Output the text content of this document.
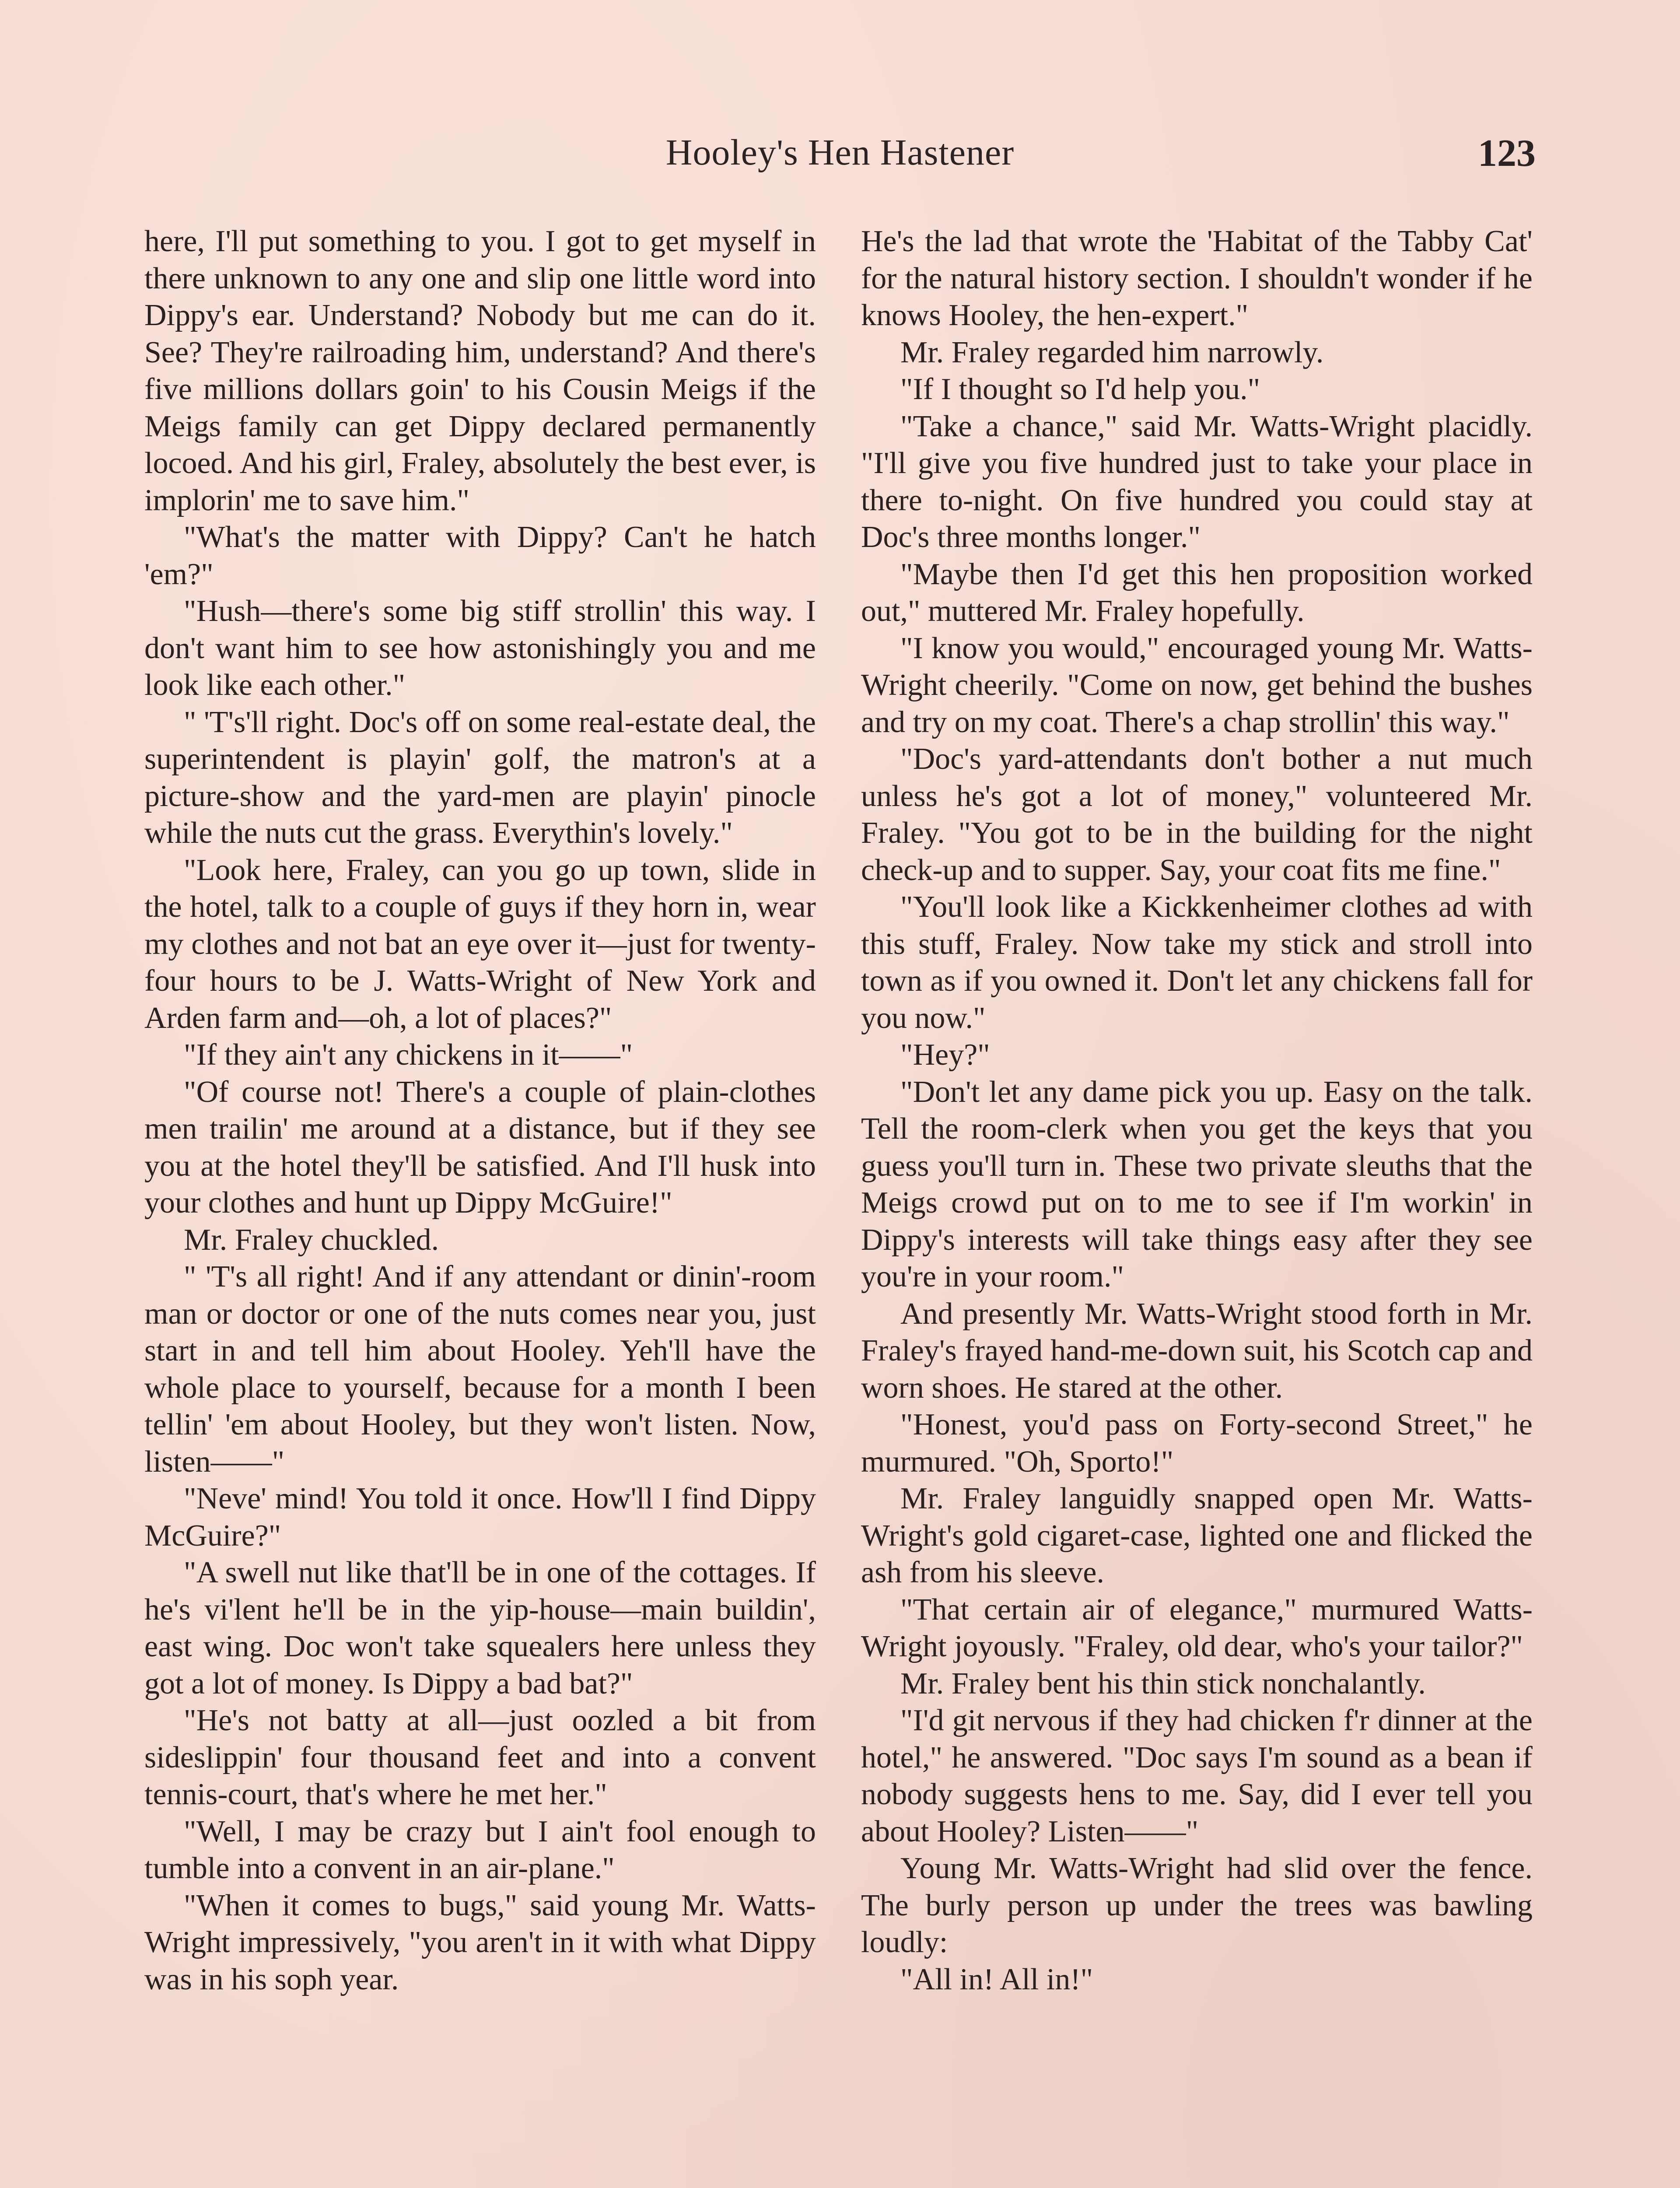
Hooley's Hen Hastener	123

here, I'll put something to you. I got to get myself in there unknown to any one and slip one little word into Dippy's ear. Understand? Nobody but me can do it. See? They're railroading him, understand? And there's five millions dollars goin' to his Cousin Meigs if the Meigs family can get Dippy declared permanently locoed. And his girl, Fraley, absolutely the best ever, is implorin' me to save him."

"What's the matter with Dippy? Can't he hatch 'em?"

"Hush—there's some big stiff strollin' this way. I don't want him to see how astonishingly you and me look like each other."

" 'T's'll right. Doc's off on some real-estate deal, the superintendent is playin' golf, the matron's at a picture-show and the yard-men are playin' pinocle while the nuts cut the grass. Everythin's lovely."

"Look here, Fraley, can you go up town, slide in the hotel, talk to a couple of guys if they horn in, wear my clothes and not bat an eye over it—just for twenty-four hours to be J. Watts-Wright of New York and Arden farm and—oh, a lot of places?"

"If they ain't any chickens in it——"

"Of course not! There's a couple of plain-clothes men trailin' me around at a distance, but if they see you at the hotel they'll be satisfied. And I'll husk into your clothes and hunt up Dippy McGuire!"

Mr. Fraley chuckled.

" 'T's all right! And if any attendant or dinin'-room man or doctor or one of the nuts comes near you, just start in and tell him about Hooley. Yeh'll have the whole place to yourself, because for a month I been tellin' 'em about Hooley, but they won't listen. Now, listen——"

"Neve' mind! You told it once. How'll I find Dippy McGuire?"

"A swell nut like that'll be in one of the cottages. If he's vi'lent he'll be in the yip-house—main buildin', east wing. Doc won't take squealers here unless they got a lot of money. Is Dippy a bad bat?"

"He's not batty at all—just oozled a bit from sideslippin' four thousand feet and into a convent tennis-court, that's where he met her."

"Well, I may be crazy but I ain't fool enough to tumble into a convent in an air-plane."

"When it comes to bugs," said young Mr. Watts-Wright impressively, "you aren't in it with what Dippy was in his soph year.

He's the lad that wrote the 'Habitat of the Tabby Cat' for the natural history section. I shouldn't wonder if he knows Hooley, the hen-expert."

Mr. Fraley regarded him narrowly.

"If I thought so I'd help you."

"Take a chance," said Mr. Watts-Wright placidly. "I'll give you five hundred just to take your place in there to-night. On five hundred you could stay at Doc's three months longer."

"Maybe then I'd get this hen proposition worked out," muttered Mr. Fraley hopefully.

"I know you would," encouraged young Mr. Watts-Wright cheerily. "Come on now, get behind the bushes and try on my coat. There's a chap strollin' this way."

"Doc's yard-attendants don't bother a nut much unless he's got a lot of money," volunteered Mr. Fraley. "You got to be in the building for the night check-up and to supper. Say, your coat fits me fine."

"You'll look like a Kickkenheimer clothes ad with this stuff, Fraley. Now take my stick and stroll into town as if you owned it. Don't let any chickens fall for you now."

"Hey?"

"Don't let any dame pick you up. Easy on the talk. Tell the room-clerk when you get the keys that you guess you'll turn in. These two private sleuths that the Meigs crowd put on to me to see if I'm workin' in Dippy's interests will take things easy after they see you're in your room."

And presently Mr. Watts-Wright stood forth in Mr. Fraley's frayed hand-me-down suit, his Scotch cap and worn shoes. He stared at the other.

"Honest, you'd pass on Forty-second Street," he murmured. "Oh, Sporto!"

Mr. Fraley languidly snapped open Mr. Watts-Wright's gold cigaret-case, lighted one and flicked the ash from his sleeve.

"That certain air of elegance," murmured Watts-Wright joyously. "Fraley, old dear, who's your tailor?"

Mr. Fraley bent his thin stick nonchalantly.

"I'd git nervous if they had chicken f'r dinner at the hotel," he answered. "Doc says I'm sound as a bean if nobody suggests hens to me. Say, did I ever tell you about Hooley? Listen——"

Young Mr. Watts-Wright had slid over the fence. The burly person up under the trees was bawling loudly:

"All in! All in!"
